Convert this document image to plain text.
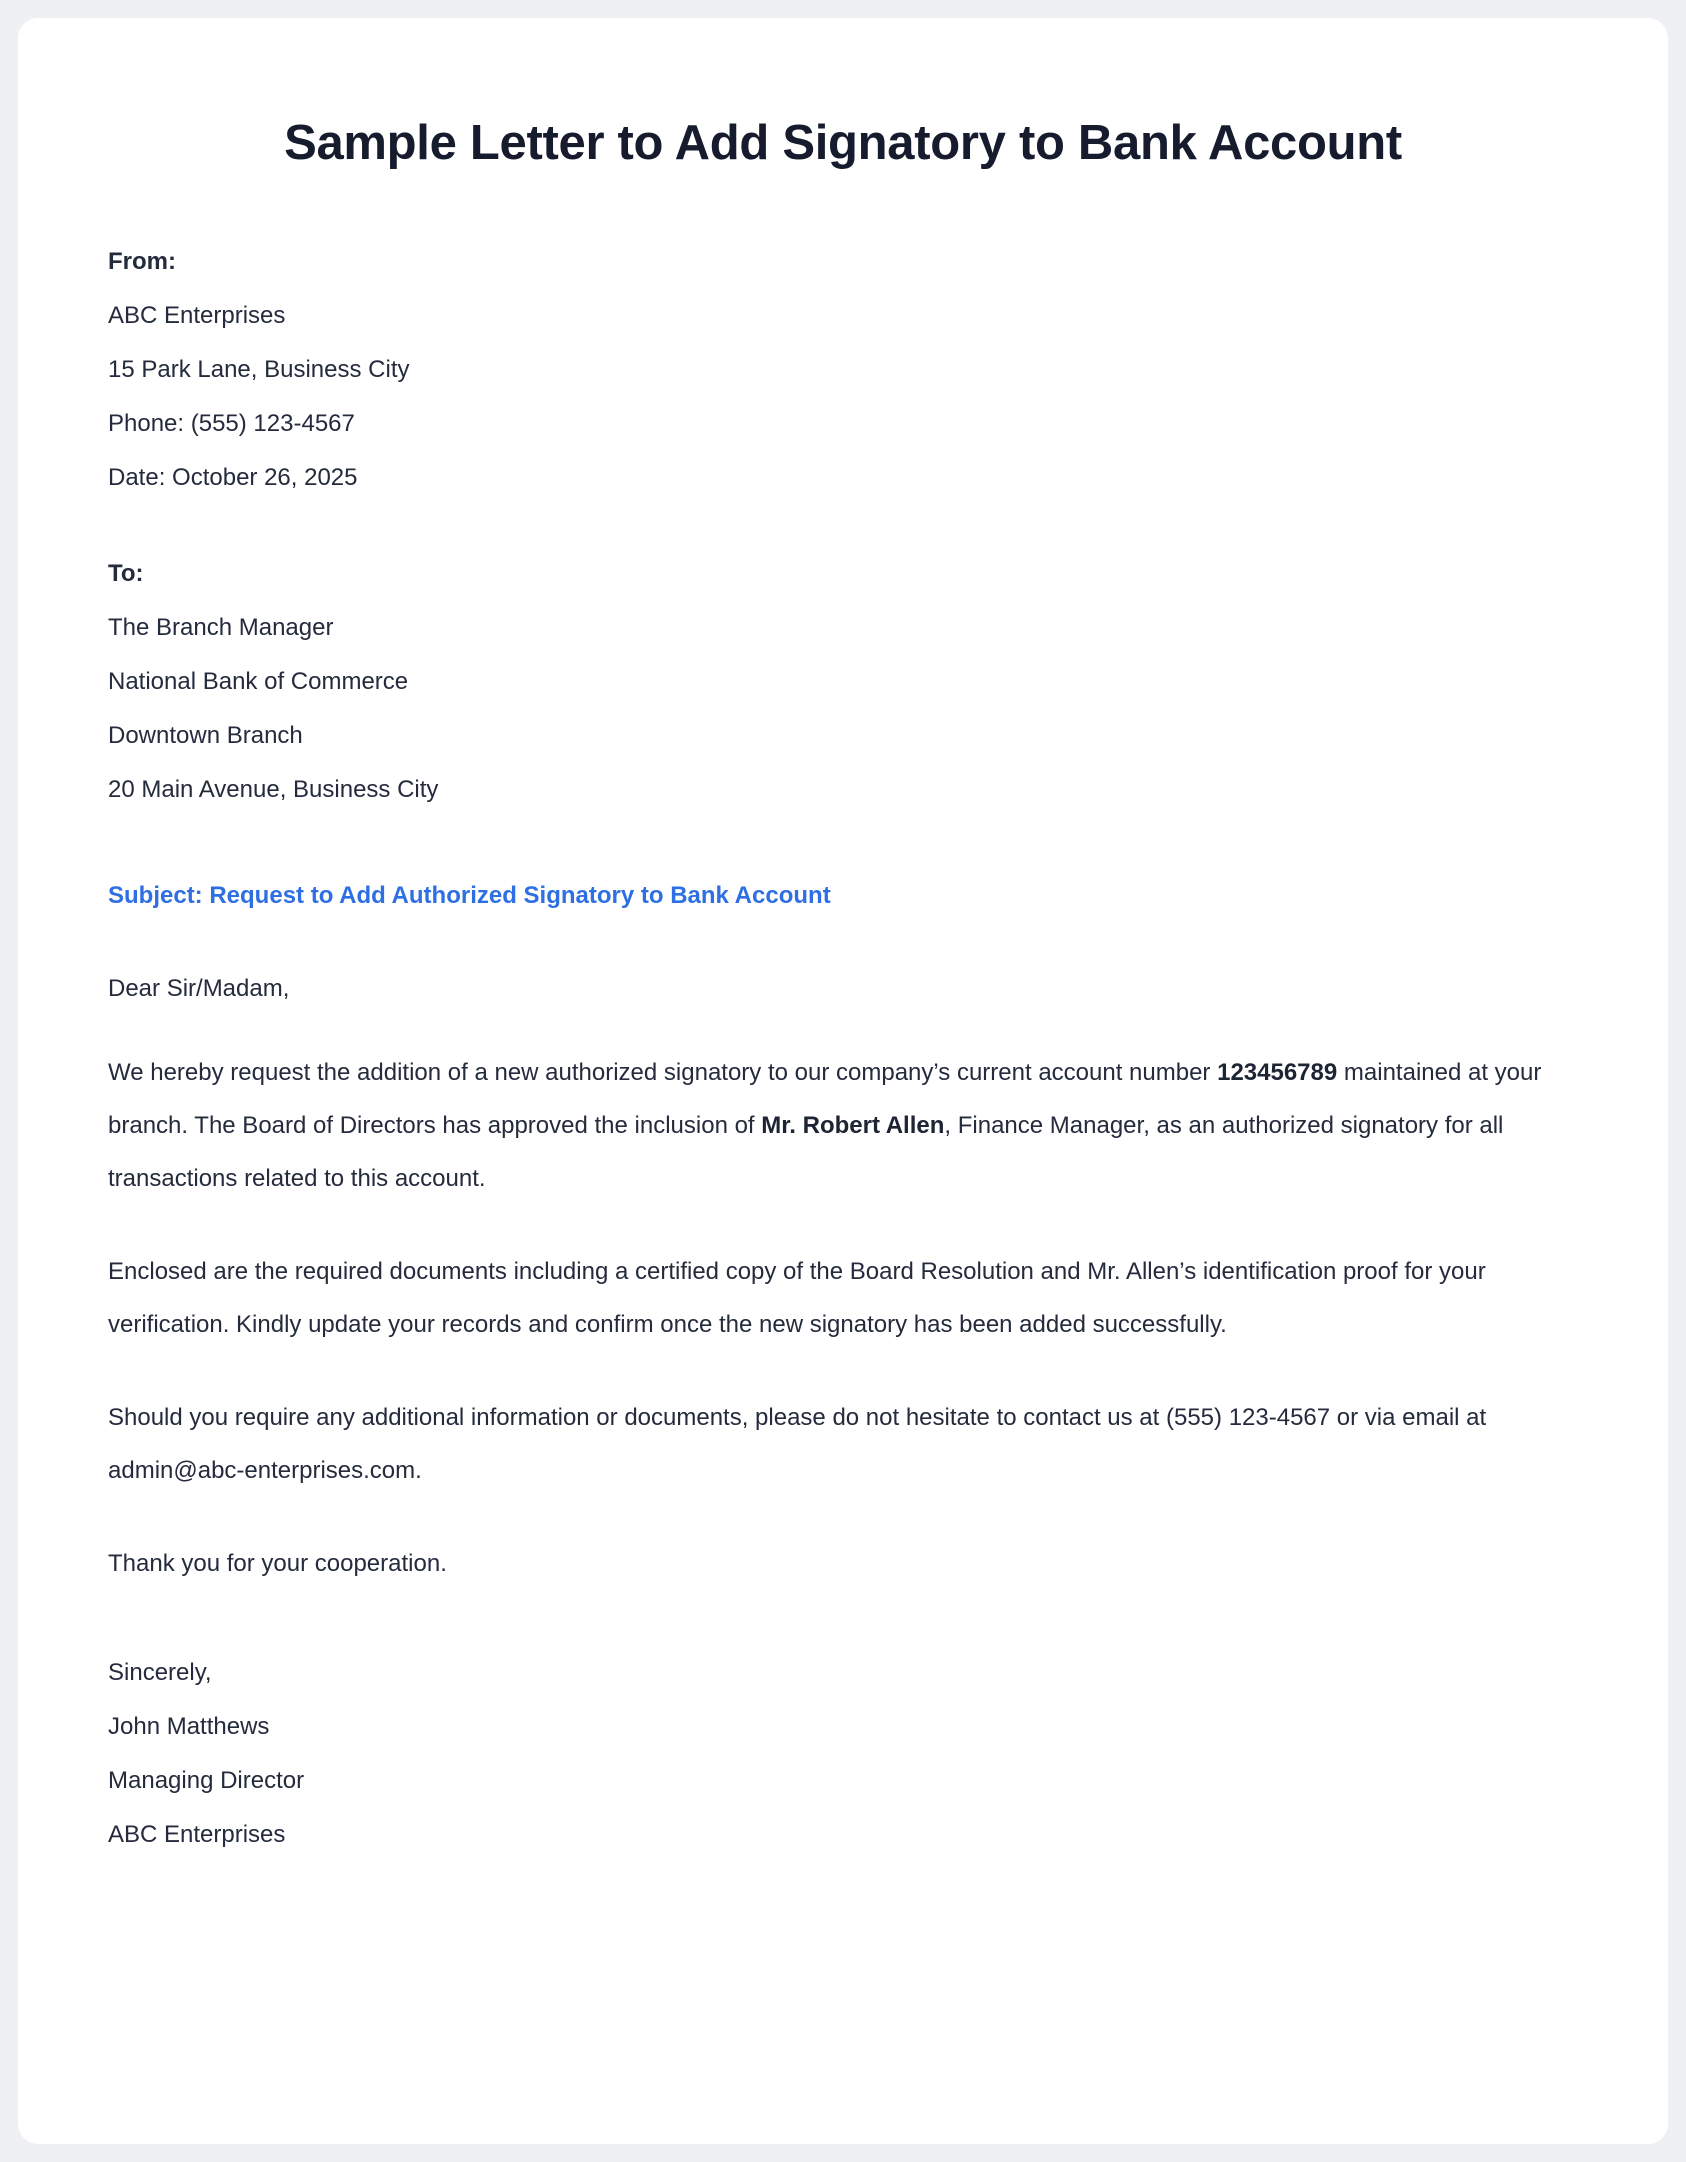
Sample Letter to Add Signatory to Bank Account
From:
ABC Enterprises
15 Park Lane, Business City
Phone: (555) 123-4567
Date: October 26, 2025
To:
The Branch Manager
National Bank of Commerce
Downtown Branch
20 Main Avenue, Business City
Subject: Request to Add Authorized Signatory to Bank Account
Dear Sir/Madam,

We hereby request the addition of a new authorized signatory to our company’s current account number 123456789 maintained at your branch. The Board of Directors has approved the inclusion of Mr. Robert Allen, Finance Manager, as an authorized signatory for all transactions related to this account.

Enclosed are the required documents including a certified copy of the Board Resolution and Mr. Allen’s identification proof for your verification. Kindly update your records and confirm once the new signatory has been added successfully.

Should you require any additional information or documents, please do not hesitate to contact us at (555) 123-4567 or via email at admin@abc-enterprises.com.

Thank you for your cooperation.

Sincerely,
John Matthews
Managing Director
ABC Enterprises
